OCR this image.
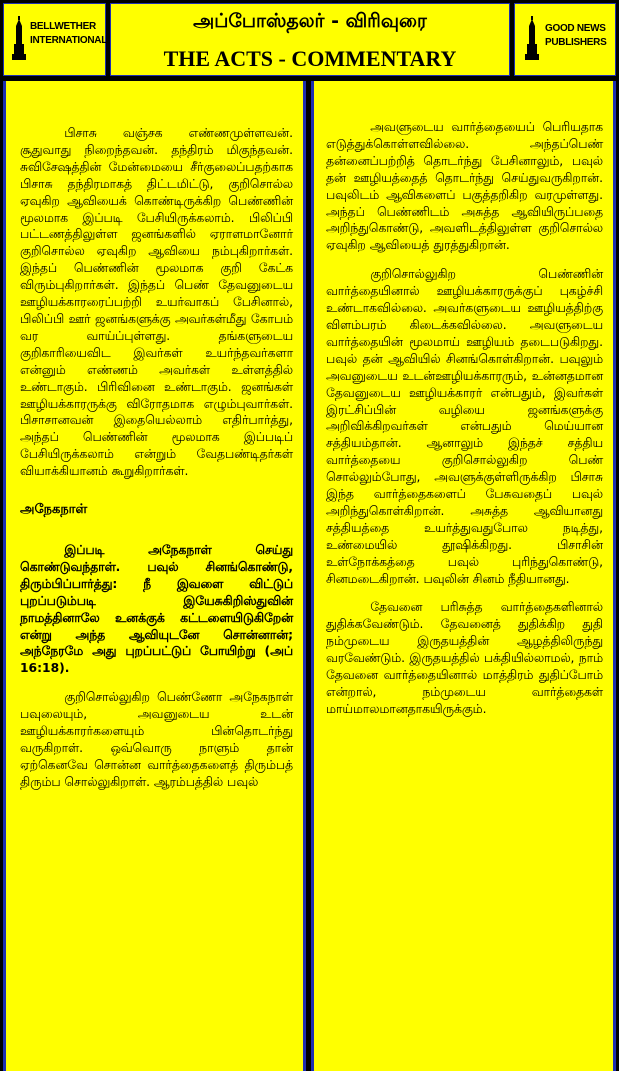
BELLWETHER
INTERNATIONAL
அப்போஸ்தலர் - விரிவுரை
THE ACTS - COMMENTARY
GOOD NEWS
PUBLISHERS

பிசாசு வஞ்சக எண்ணமுள்ளவன். சூதுவாது நிறைந்தவன். தந்திரம் மிகுந்தவன். சுவிசேஷத்தின் மேன்மையை சீர்குலைப்பதற்காக பிசாசு தந்திரமாகத் திட்டமிட்டு, குறிசொல்ல ஏவுகிற ஆவியைக் கொண்டிருக்கிற பெண்ணின் மூலமாக இப்படி பேசியிருக்கலாம். பிலிப்பி பட்டணத்திலுள்ள ஜனங்களில் ஏராளமானோர் குறிசொல்ல ஏவுகிற ஆவியை நம்புகிறார்கள். இந்தப் பெண்ணின் மூலமாக குறி கேட்க விரும்புகிறார்கள். இந்தப் பெண் தேவனுடைய ஊழியக்காரரைப்பற்றி உயர்வாகப் பேசினால், பிலிப்பி ஊர் ஜனங்களுக்கு அவர்கள்மீது கோபம் வர வாய்ப்புள்ளது. தங்களுடைய குறிகாரியைவிட இவர்கள் உயர்ந்தவர்களா என்னும் எண்ணம் அவர்கள் உள்ளத்தில் உண்டாகும். பிரிவினை உண்டாகும். ஜனங்கள் ஊழியக்காரருக்கு விரோதமாக எழும்புவார்கள். பிசாசானவன் இதையெல்லாம் எதிர்பார்த்து, அந்தப் பெண்ணின் மூலமாக இப்படிப் பேசியிருக்கலாம் என்றும் வேதபண்டிதர்கள் வியாக்கியானம் கூறுகிறார்கள்.

அநேகநாள்

இப்படி அநேகநாள் செய்து கொண்டுவந்தாள். பவுல் சினங்கொண்டு, திரும்பிப்பார்த்து: நீ இவளை விட்டுப் புறப்படும்படி இயேசுகிறிஸ்துவின் நாமத்தினாலே உனக்குக் கட்டளையிடுகிறேன் என்று அந்த ஆவியுடனே சொன்னான்; அந்நேரமே அது புறப்பட்டுப் போயிற்று (அப் 16:18).

குறிசொல்லுகிற பெண்ணோ அநேகநாள் பவுலையும், அவனுடைய உடன் ஊழியக்காரர்களையும் பின்தொடர்ந்து வருகிறாள். ஒவ்வொரு நாளும் தான் ஏற்கெனவே சொன்ன வார்த்தைகளைத் திரும்பத் திரும்ப சொல்லுகிறாள். ஆரம்பத்தில் பவுல்

அவளுடைய வார்த்தையைப் பெரியதாக எடுத்துக்கொள்ளவில்லை. அந்தப்பெண் தன்னைப்பற்றித் தொடர்ந்து பேசினாலும், பவுல் தன் ஊழியத்தைத் தொடர்ந்து செய்துவருகிறான். பவுலிடம் ஆவிகளைப் பகுத்தறிகிற வரமுள்ளது. அந்தப் பெண்ணிடம் அசுத்த ஆவியிருப்பதை அறிந்துகொண்டு, அவளிடத்திலுள்ள குறிசொல்ல ஏவுகிற ஆவியைத் துரத்துகிறான்.

குறிசொல்லுகிற பெண்ணின் வார்த்தையினால் ஊழியக்காரருக்குப் புகழ்ச்சி உண்டாகவில்லை. அவர்களுடைய ஊழியத்திற்கு விளம்பரம் கிடைக்கவில்லை. அவளுடைய வார்த்தையின் மூலமாய் ஊழியம் தடைபடுகிறது. பவுல் தன் ஆவியில் சினங்கொள்கிறான். பவுலும் அவனுடைய உடன்ஊழியக்காரரும், உன்னதமான தேவனுடைய ஊழியக்காரர் என்பதும், இவர்கள் இரட்சிப்பின் வழியை ஜனங்களுக்கு அறிவிக்கிறவர்கள் என்பதும் மெய்யான சத்தியம்தான். ஆனாலும் இந்தச் சத்திய வார்த்தையை குறிசொல்லுகிற பெண் சொல்லும்போது, அவளுக்குள்ளிருக்கிற பிசாசு இந்த வார்த்தைகளைப் பேசுவதைப் பவுல் அறிந்துகொள்கிறான். அசுத்த ஆவியானது சத்தியத்தை உயர்த்துவதுபோல நடித்து, உண்மையில் தூஷிக்கிறது. பிசாசின் உள்நோக்கத்தை பவுல் புரிந்துகொண்டு, சினமடைகிறான். பவுலின் சினம் நீதியானது.

தேவனை பரிசுத்த வார்த்தைகளினால் துதிக்கவேண்டும். தேவனைத் துதிக்கிற துதி நம்முடைய இருதயத்தின் ஆழத்திலிருந்து வரவேண்டும். இருதயத்தில் பக்தியில்லாமல், நாம் தேவனை வார்த்தையினால் மாத்திரம் துதிப்போம் என்றால், நம்முடைய வார்த்தைகள் மாய்மாலமானதாகயிருக்கும்.
